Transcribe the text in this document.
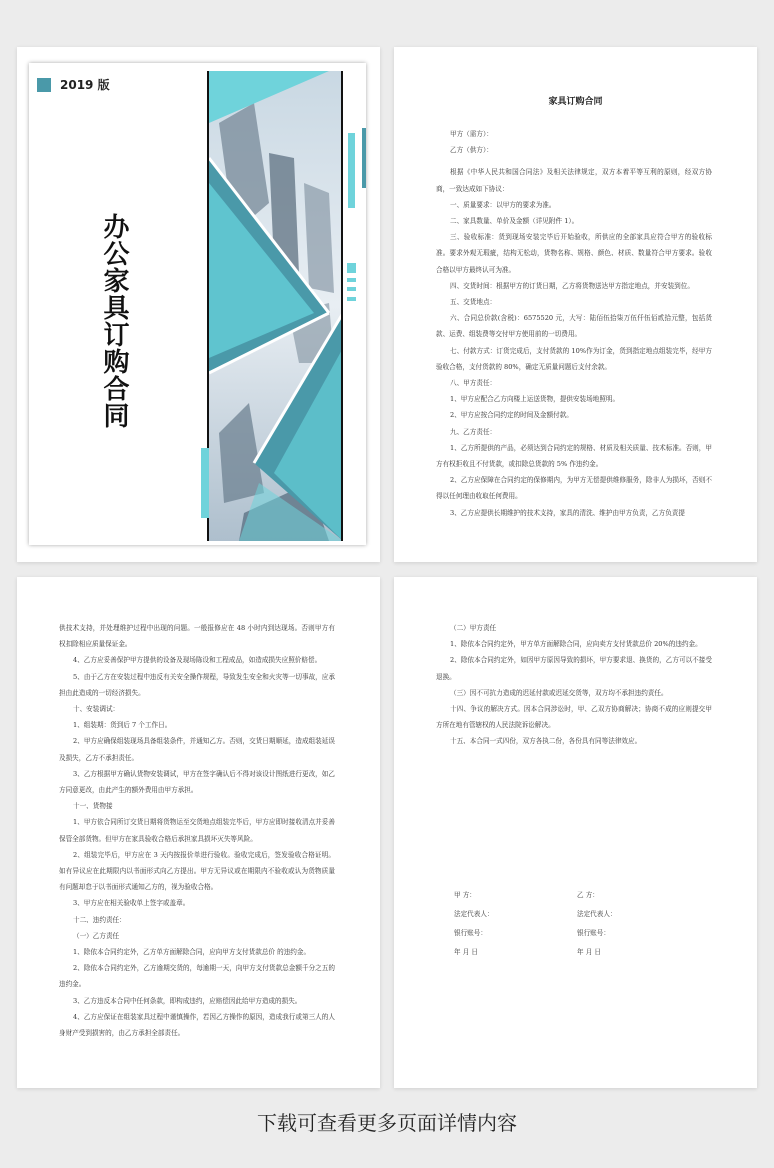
2019 版
办公家具订购合同
家具订购合同

甲方（需方）：

乙方（供方）：

根据《中华人民共和国合同法》及相关法律规定，双方本着平等互利的原则，经双方协商，一致达成如下协议：

一、质量要求：以甲方的要求为准。

二、家具数量、单价及金额（详见附件 1）。

三、验收标准：货到现场安装完毕后开始验收，所供应的全部家具应符合甲方的验收标准。要求外观无瑕疵，结构无松动，货物名称、规格、颜色、材质、数量符合甲方要求。验收合格以甲方最终认可为准。

四、交货时间：根据甲方的订货日期，乙方将货物送达甲方指定地点，并安装到位。

五、交货地点：

六、合同总价款(含税)：6575520 元，大写：陆佰伍拾柒万伍仟伍佰贰拾元整，包括货款、运费、组装费等交付甲方使用前的一切费用。

七、付款方式：订货完成后，支付货款的 10%作为订金，货到指定地点组装完毕，经甲方验收合格，支付货款的 80%，确定无质量问题后支付余款。

八、甲方责任：

1、甲方应配合乙方向楼上运送货物，提供安装场地照明。

2、甲方应按合同约定的时间及金额付款。

九、乙方责任：

1、乙方所提供的产品，必须达到合同约定的规格、材质及相关质量、技术标准。否则，甲方有权拒收且不付货款，或扣除总货款的 5% 作违约金。

2、乙方应保障在合同约定的保修期内，为甲方无偿提供维修服务，除非人为损坏，否则不得以任何理由收取任何费用。

3、乙方应提供长期维护的技术支持，家具的清洗、维护由甲方负责，乙方负责提

供技术支持，并处理维护过程中出现的问题。一般报修应在 48 小时内到达现场。否则甲方有权扣除相应质量保证金。

4、乙方应妥善保护甲方提供的设备及现场陈设和工程成品，如造成损失应照价赔偿。

5、由于乙方在安装过程中违反有关安全操作规程，导致发生安全和火灾等一切事故，应承担由此造成的一切经济损失。

十、安装调试：

1、组装期：货到后 7 个工作日。

2、甲方应确保组装现场具备组装条件，并通知乙方。否则，交货日期顺延，造成组装延误及损失，乙方不承担责任。

3、乙方根据甲方确认货物安装调试，甲方在签字确认后不得对该设计图纸进行更改，如乙方同意更改，由此产生的额外费用由甲方承担。

十一、货物接

1、甲方依合同所订交货日期将货物运至交货地点组装完毕后，甲方应即时接收清点并妥善保管全部货物。但甲方在家具验收合格后承担家具损坏灭失等风险。

2、组装完毕后，甲方应在 3 天内按报价单进行验收。验收完成后，签发验收合格证明。如有异议应在此期限内以书面形式向乙方提出。甲方无异议或在期限内不验收或认为货物质量有问题却怠于以书面形式通知乙方的，视为验收合格。

3、甲方应在相关验收单上签字或盖章。

十二、违约责任：

（一）乙方责任

1、除依本合同约定外，乙方单方面解除合同，应向甲方支付货款总价 的违约金。

2、除依本合同约定外，乙方逾期交货的，每逾期一天，向甲方支付货款总金额千分之五的违约金。

3、乙方违反本合同中任何条款，即构成违约，应赔偿因此给甲方造成的损失。

4、乙方应保证在组装家具过程中谨慎操作，若因乙方操作的原因，造成我行或第三人的人身财产受到损害的，由乙方承担全部责任。

（二）甲方责任

1、除依本合同约定外，甲方单方面解除合同，应向卖方支付货款总价 20%的违约金。

2、除依本合同约定外，如因甲方原因导致的损坏，甲方要求退、换货的，乙方可以不接受退换。

（三）因不可抗力造成的迟延付款或迟延交货等，双方均不承担违约责任。

十四、争议的解决方式。因本合同涉讼时，甲、乙双方协商解决；协商不成的应则提交甲方所在地有管辖权的人民法院诉讼解决。

十五、本合同一式四份，双方各执二份，各份具有同等法律效应。

甲 方：
法定代表人：
银行账号：
年 月 日
乙 方：
法定代表人：
银行账号：
年 月 日
下载可查看更多页面详情内容
